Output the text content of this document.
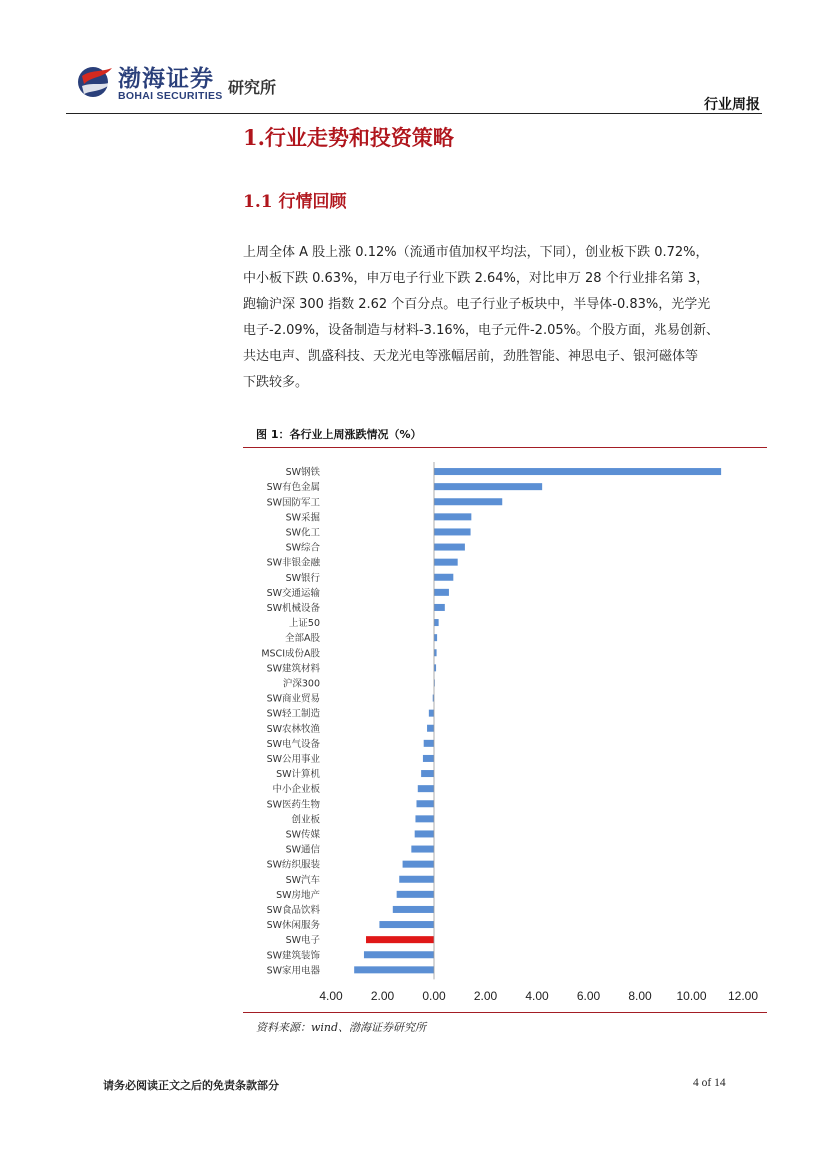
渤海证券
BOHAI SECURITIES 研究所
行业周报
1.行业走势和投资策略
1.1 行情回顾
上周全体 A 股上涨 0.12%（流通市值加权平均法，下同），创业板下跌 0.72%，
中小板下跌 0.63%，申万电子行业下跌 2.64%，对比申万 28 个行业排名第 3，
跑输沪深 300 指数 2.62 个百分点。电子行业子板块中，半导体-0.83%，光学光
电子-2.09%，设备制造与材料-3.16%，电子元件-2.05%。个股方面，兆易创新、
共达电声、凯盛科技、天龙光电等涨幅居前，劲胜智能、神思电子、银河磁体等
下跌较多。
图 1：各行业上周涨跌情况（%）
SW钢铁
SW有色金属
SW国防军工
SW采掘
SW化工
SW综合
SW非银金融
SW银行
SW交通运输
SW机械设备
上证50
全部A股
MSCI成份A股
SW建筑材料
沪深300
SW商业贸易
SW轻工制造
SW农林牧渔
SW电气设备
SW公用事业
SW计算机
中小企业板
SW医药生物
创业板
SW传媒
SW通信
SW纺织服装
SW汽车
SW房地产
SW食品饮料
SW休闲服务
SW电子
SW建筑装饰
SW家用电器
4.00 2.00 0.00 2.00 4.00 6.00 8.00 10.00 12.00
资料来源：wind、渤海证券研究所
请务必阅读正文之后的免责条款部分	4 of 14
